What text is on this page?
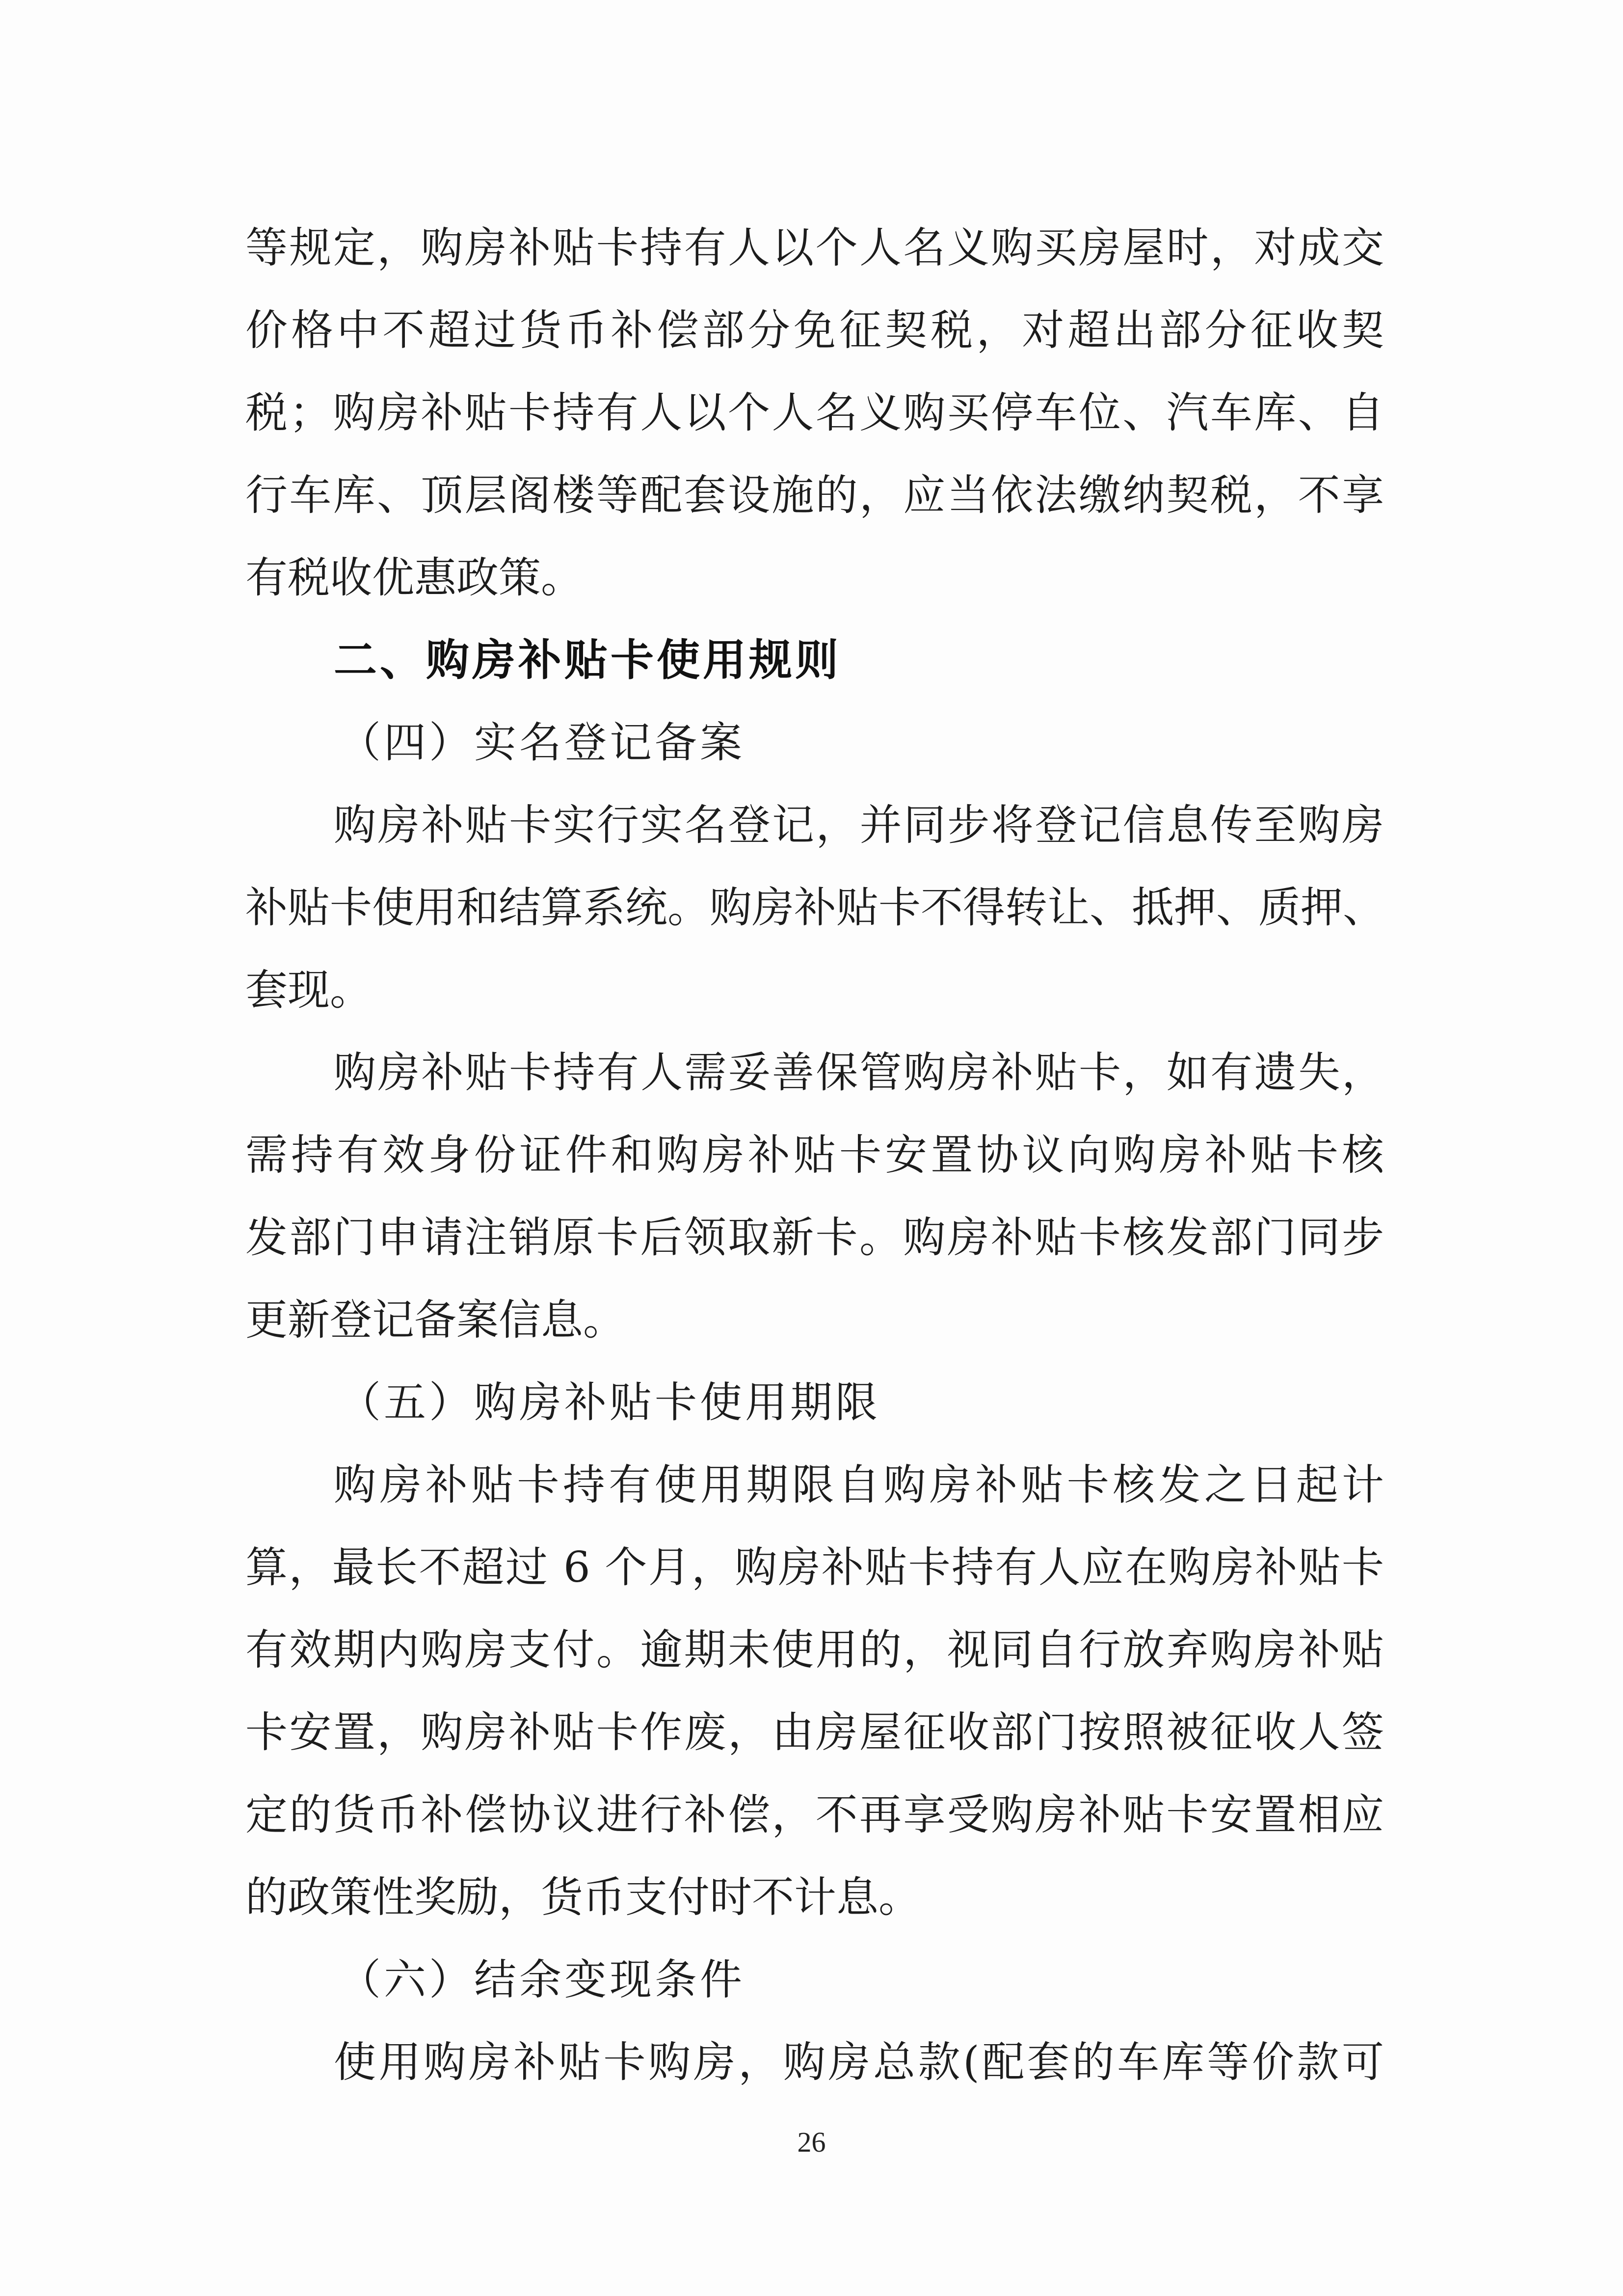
等规定，购房补贴卡持有人以个人名义购买房屋时，对成交
价格中不超过货币补偿部分免征契税，对超出部分征收契
税；购房补贴卡持有人以个人名义购买停车位、汽车库、自
行车库、顶层阁楼等配套设施的，应当依法缴纳契税，不享
有税收优惠政策。
二、购房补贴卡使用规则
（四）实名登记备案
购房补贴卡实行实名登记，并同步将登记信息传至购房
补贴卡使用和结算系统。购房补贴卡不得转让、抵押、质押、
套现。
购房补贴卡持有人需妥善保管购房补贴卡，如有遗失，
需持有效身份证件和购房补贴卡安置协议向购房补贴卡核
发部门申请注销原卡后领取新卡。购房补贴卡核发部门同步
更新登记备案信息。
（五）购房补贴卡使用期限
购房补贴卡持有使用期限自购房补贴卡核发之日起计
算，最长不超过 6 个月，购房补贴卡持有人应在购房补贴卡
有效期内购房支付。逾期未使用的，视同自行放弃购房补贴
卡安置，购房补贴卡作废，由房屋征收部门按照被征收人签
定的货币补偿协议进行补偿，不再享受购房补贴卡安置相应
的政策性奖励，货币支付时不计息。
（六）结余变现条件
使用购房补贴卡购房，购房总款(配套的车库等价款可
26
